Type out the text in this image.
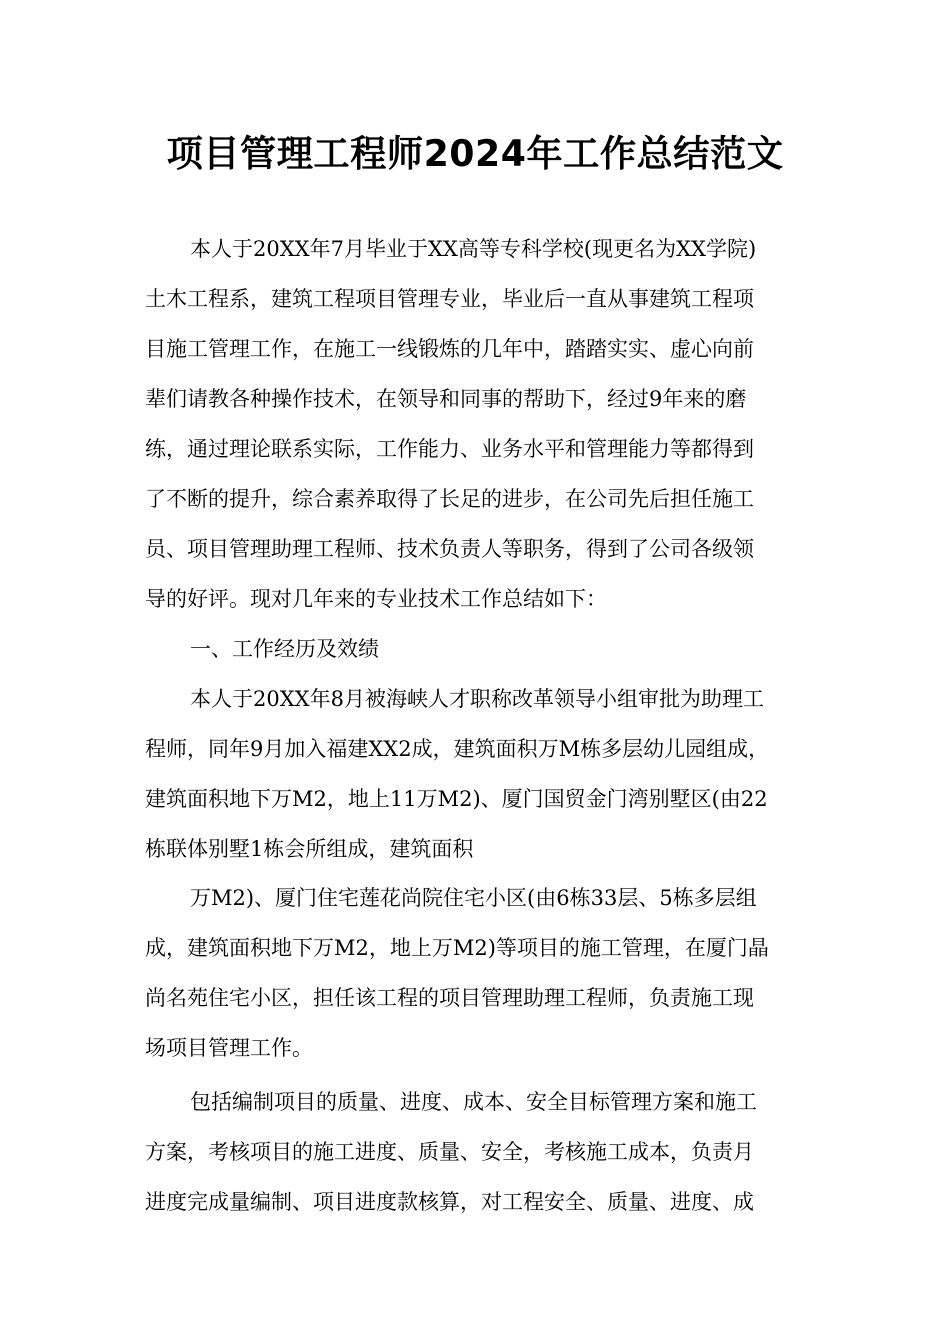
项目管理工程师2024年工作总结范文

本人于20XX年7月毕业于XX高等专科学校(现更名为XX学院)

土木工程系，建筑工程项目管理专业，毕业后一直从事建筑工程项

目施工管理工作，在施工一线锻炼的几年中，踏踏实实、虚心向前

辈们请教各种操作技术，在领导和同事的帮助下，经过9年来的磨

练，通过理论联系实际，工作能力、业务水平和管理能力等都得到

了不断的提升，综合素养取得了长足的进步，在公司先后担任施工

员、项目管理助理工程师、技术负责人等职务，得到了公司各级领

导的好评。现对几年来的专业技术工作总结如下：

一、工作经历及效绩

本人于20XX年8月被海峡人才职称改革领导小组审批为助理工

程师，同年9月加入福建XX2成，建筑面积万M栋多层幼儿园组成，

建筑面积地下万M2，地上11万M2)、厦门国贸金门湾别墅区(由22

栋联体别墅1栋会所组成，建筑面积

万M2)、厦门住宅莲花尚院住宅小区(由6栋33层、5栋多层组

成，建筑面积地下万M2，地上万M2)等项目的施工管理，在厦门晶

尚名苑住宅小区，担任该工程的项目管理助理工程师，负责施工现

场项目管理工作。

包括编制项目的质量、进度、成本、安全目标管理方案和施工

方案，考核项目的施工进度、质量、安全，考核施工成本，负责月

进度完成量编制、项目进度款核算，对工程安全、质量、进度、成
